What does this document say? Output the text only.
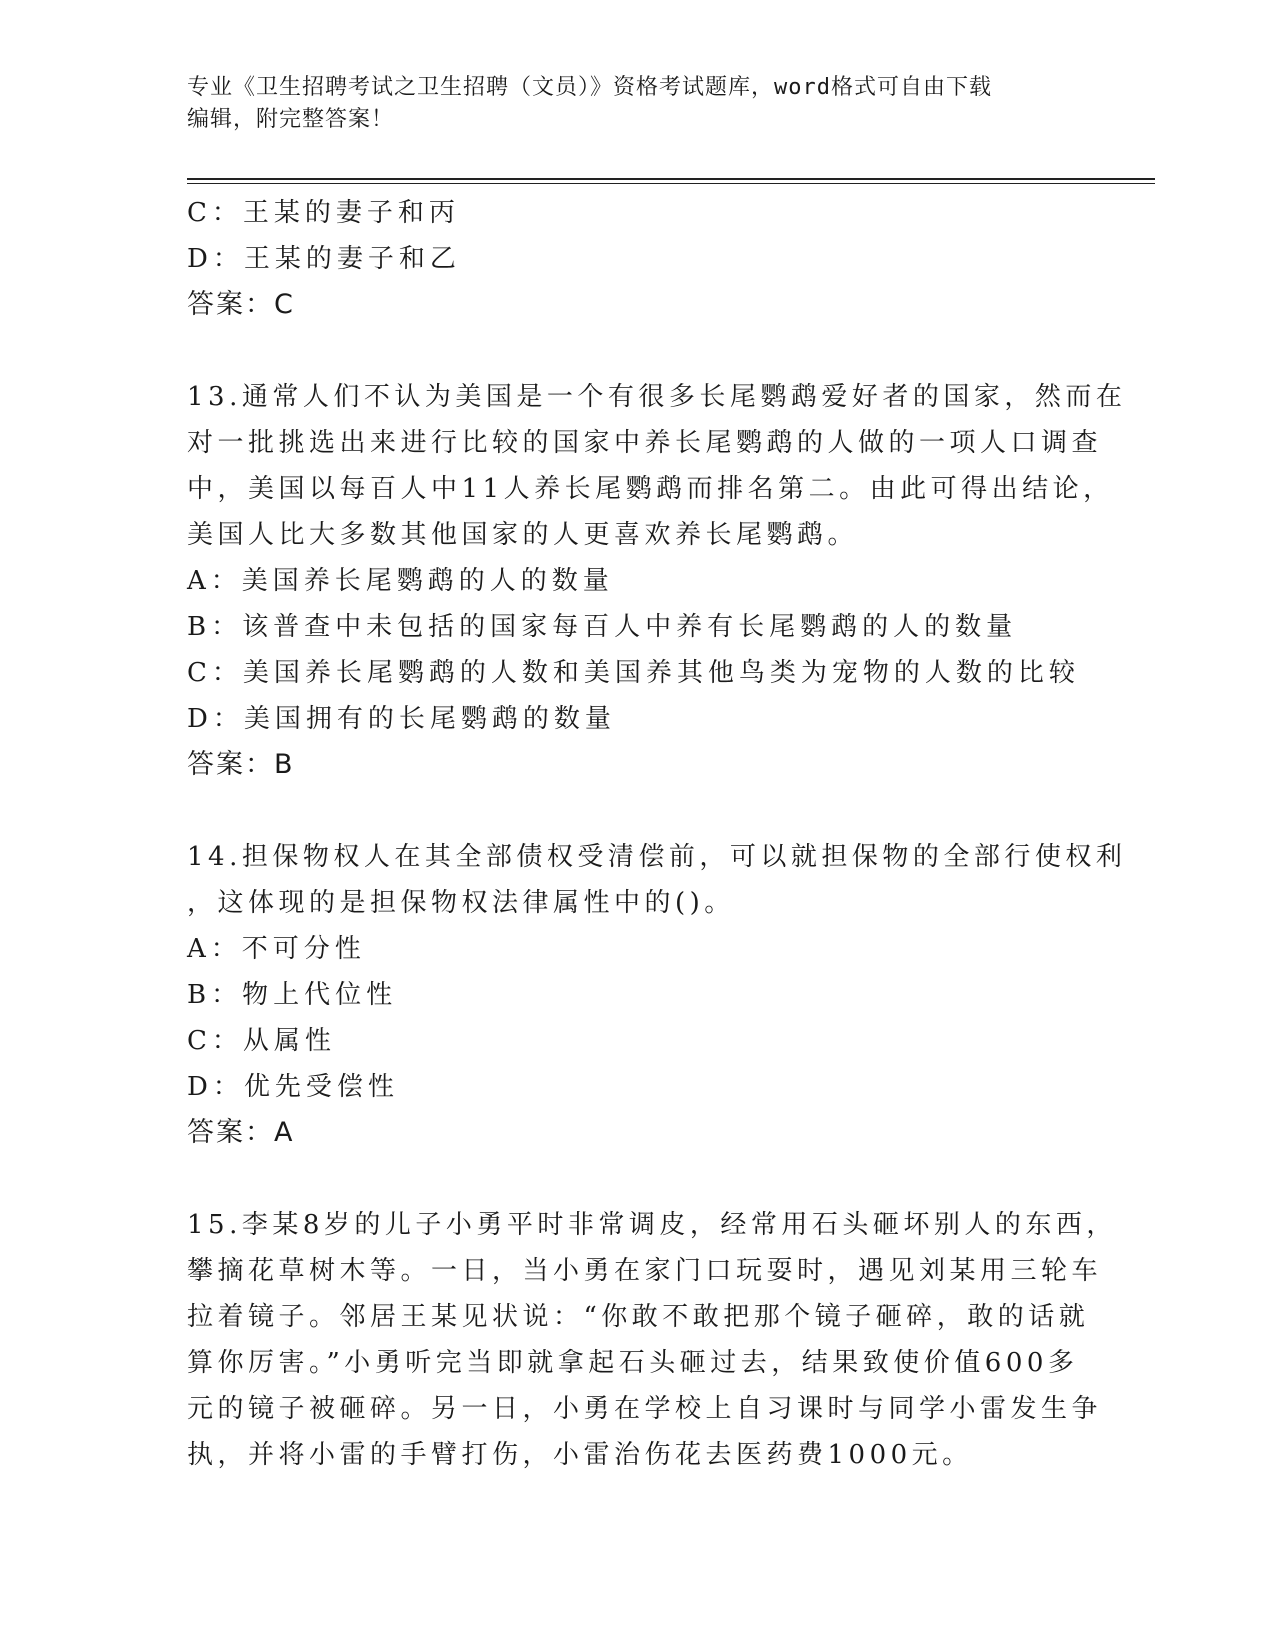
专业《卫生招聘考试之卫生招聘（文员）》资格考试题库，word格式可自由下载
编辑，附完整答案！
C：王某的妻子和丙
D：王某的妻子和乙
答案：C
13.通常人们不认为美国是一个有很多长尾鹦鹉爱好者的国家，然而在
对一批挑选出来进行比较的国家中养长尾鹦鹉的人做的一项人口调查
中，美国以每百人中11人养长尾鹦鹉而排名第二。由此可得出结论，
美国人比大多数其他国家的人更喜欢养长尾鹦鹉。
A：美国养长尾鹦鹉的人的数量
B：该普查中未包括的国家每百人中养有长尾鹦鹉的人的数量
C：美国养长尾鹦鹉的人数和美国养其他鸟类为宠物的人数的比较
D：美国拥有的长尾鹦鹉的数量
答案：B
14.担保物权人在其全部债权受清偿前，可以就担保物的全部行使权利
，这体现的是担保物权法律属性中的()。
A：不可分性
B：物上代位性
C：从属性
D：优先受偿性
答案：A
15.李某8岁的儿子小勇平时非常调皮，经常用石头砸坏别人的东西，
攀摘花草树木等。一日，当小勇在家门口玩耍时，遇见刘某用三轮车
拉着镜子。邻居王某见状说：“你敢不敢把那个镜子砸碎，敢的话就
算你厉害。”小勇听完当即就拿起石头砸过去，结果致使价值600多
元的镜子被砸碎。另一日，小勇在学校上自习课时与同学小雷发生争
执，并将小雷的手臂打伤，小雷治伤花去医药费1000元。
